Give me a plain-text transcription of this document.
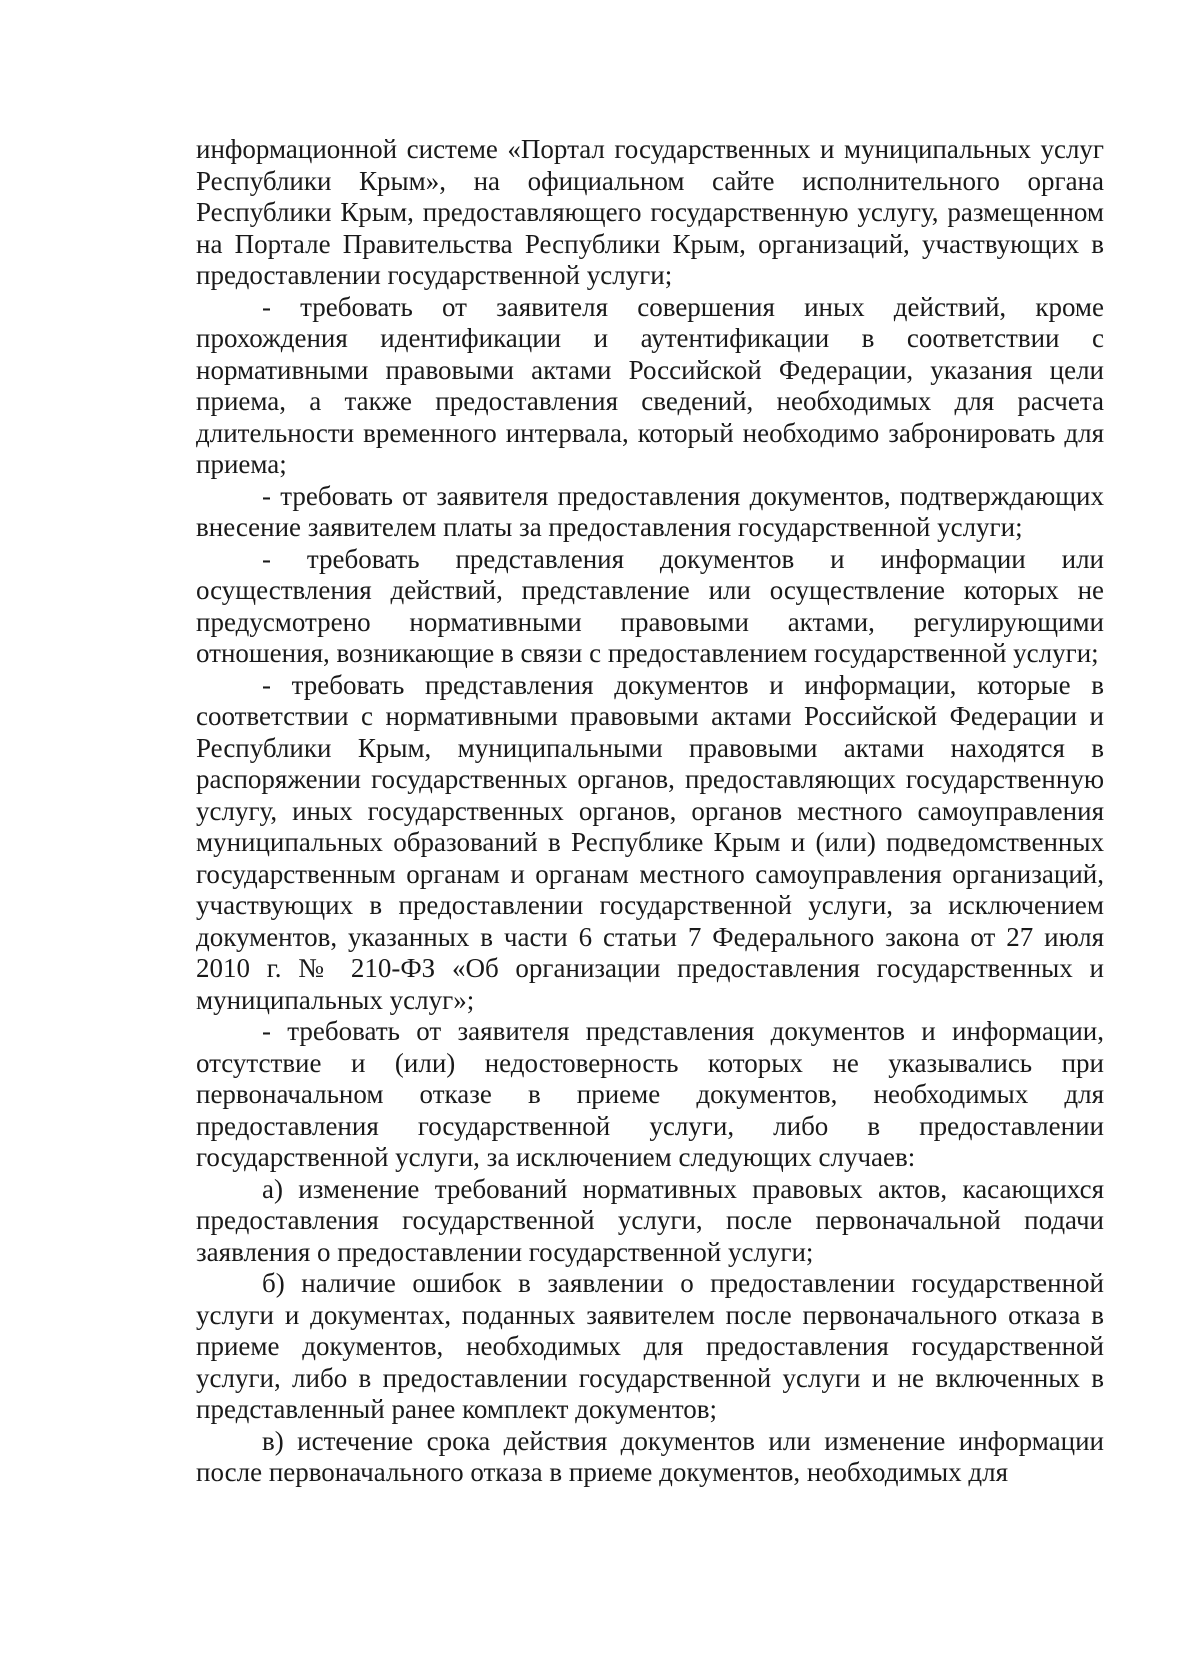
информационной системе «Портал государственных и муниципальных услуг Республики Крым», на официальном сайте исполнительного органа Республики Крым, предоставляющего государственную услугу, размещенном на Портале Правительства Республики Крым, организаций, участвующих в предоставлении государственной услуги;

- требовать от заявителя совершения иных действий, кроме прохождения идентификации и аутентификации в соответствии с нормативными правовыми актами Российской Федерации, указания цели приема, а также предоставления сведений, необходимых для расчета длительности временного интервала, который необходимо забронировать для приема;

- требовать от заявителя предоставления документов, подтверждающих внесение заявителем платы за предоставления государственной услуги;

- требовать представления документов и информации или осуществления действий, представление или осуществление которых не предусмотрено нормативными правовыми актами, регулирующими отношения, возникающие в связи с предоставлением государственной услуги;

- требовать представления документов и информации, которые в соответствии с нормативными правовыми актами Российской Федерации и Республики Крым, муниципальными правовыми актами находятся в распоряжении государственных органов, предоставляющих государственную услугу, иных государственных органов, органов местного самоуправления муниципальных образований в Республике Крым и (или) подведомственных государственным органам и органам местного самоуправления организаций, участвующих в предоставлении государственной услуги, за исключением документов, указанных в части 6 статьи 7 Федерального закона от 27 июля 2010 г. № 210-ФЗ «Об организации предоставления государственных и муниципальных услуг»;

- требовать от заявителя представления документов и информации, отсутствие и (или) недостоверность которых не указывались при первоначальном отказе в приеме документов, необходимых для предоставления государственной услуги, либо в предоставлении государственной услуги, за исключением следующих случаев:

а) изменение требований нормативных правовых актов, касающихся предоставления государственной услуги, после первоначальной подачи заявления о предоставлении государственной услуги;

б) наличие ошибок в заявлении о предоставлении государственной услуги и документах, поданных заявителем после первоначального отказа в приеме документов, необходимых для предоставления государственной услуги, либо в предоставлении государственной услуги и не включенных в представленный ранее комплект документов;

в) истечение срока действия документов или изменение информации после первоначального отказа в приеме документов, необходимых для
